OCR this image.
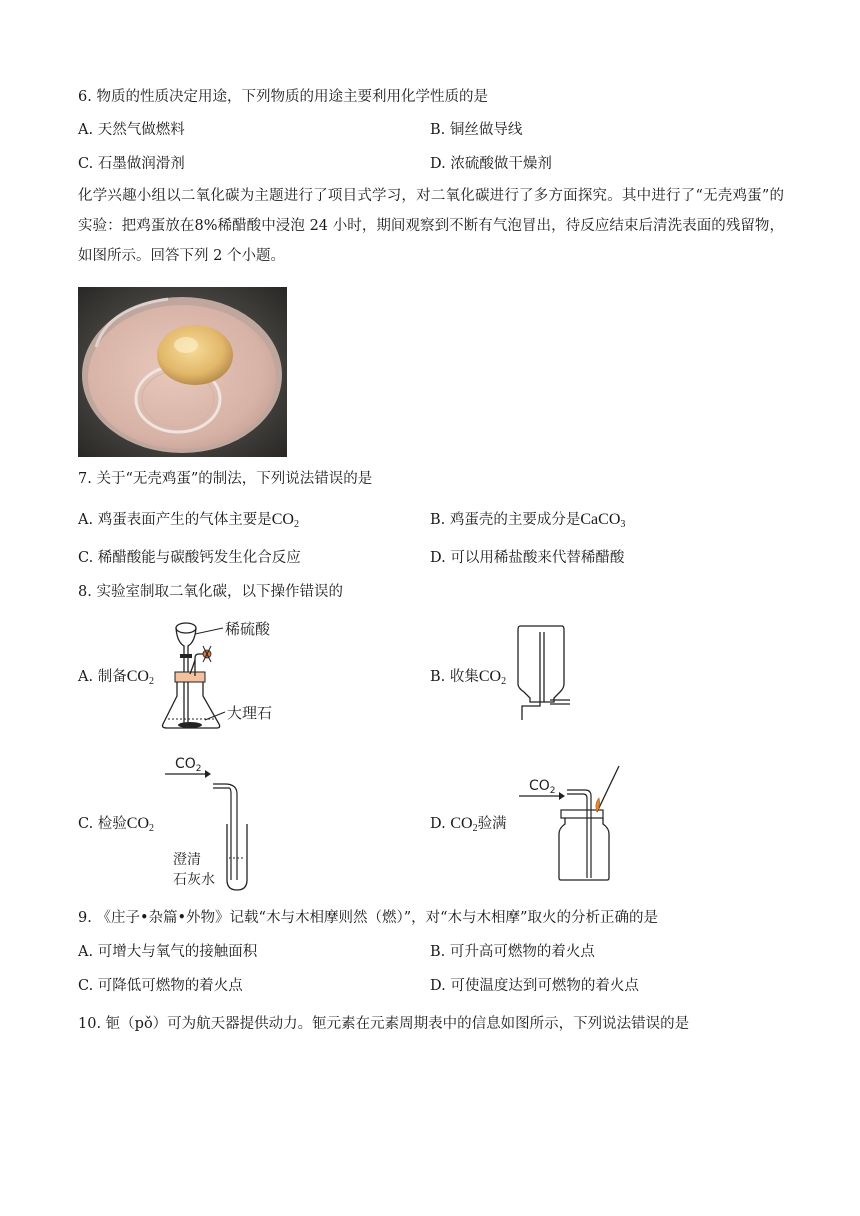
6. 物质的性质决定用途，下列物质的用途主要利用化学性质的是
A. 天然气做燃料	B. 铜丝做导线
C. 石墨做润滑剂	D. 浓硫酸做干燥剂
化学兴趣小组以二氧化碳为主题进行了项目式学习，对二氧化碳进行了多方面探究。其中进行了“无壳鸡蛋”的实验：把鸡蛋放在8%稀醋酸中浸泡 24 小时，期间观察到不断有气泡冒出，待反应结束后清洗表面的残留物，如图所示。回答下列 2 个小题。
7. 关于“无壳鸡蛋”的制法，下列说法错误的是
A. 鸡蛋表面产生的气体主要是$CO_2$	B. 鸡蛋壳的主要成分是CaCO$_3$
C. 稀醋酸能与碳酸钙发生化合反应	D. 可以用稀盐酸来代替稀醋酸
8. 实验室制取二氧化碳，以下操作错误的
A. 制备$CO_2$
稀硫酸
大理石
B. 收集$CO_2$
C. 检验$CO_2$
$CO_2$
澄清
石灰水
D. $CO_2$验满
$CO_2$
9. 《庄子•杂篇•外物》记载“木与木相摩则然（燃）”，对“木与木相摩”取火的分析正确的是
A. 可增大与氧气的接触面积	B. 可升高可燃物的着火点
C. 可降低可燃物的着火点	D. 可使温度达到可燃物的着火点
10. 钷（pǒ）可为航天器提供动力。钷元素在元素周期表中的信息如图所示，下列说法错误的是
